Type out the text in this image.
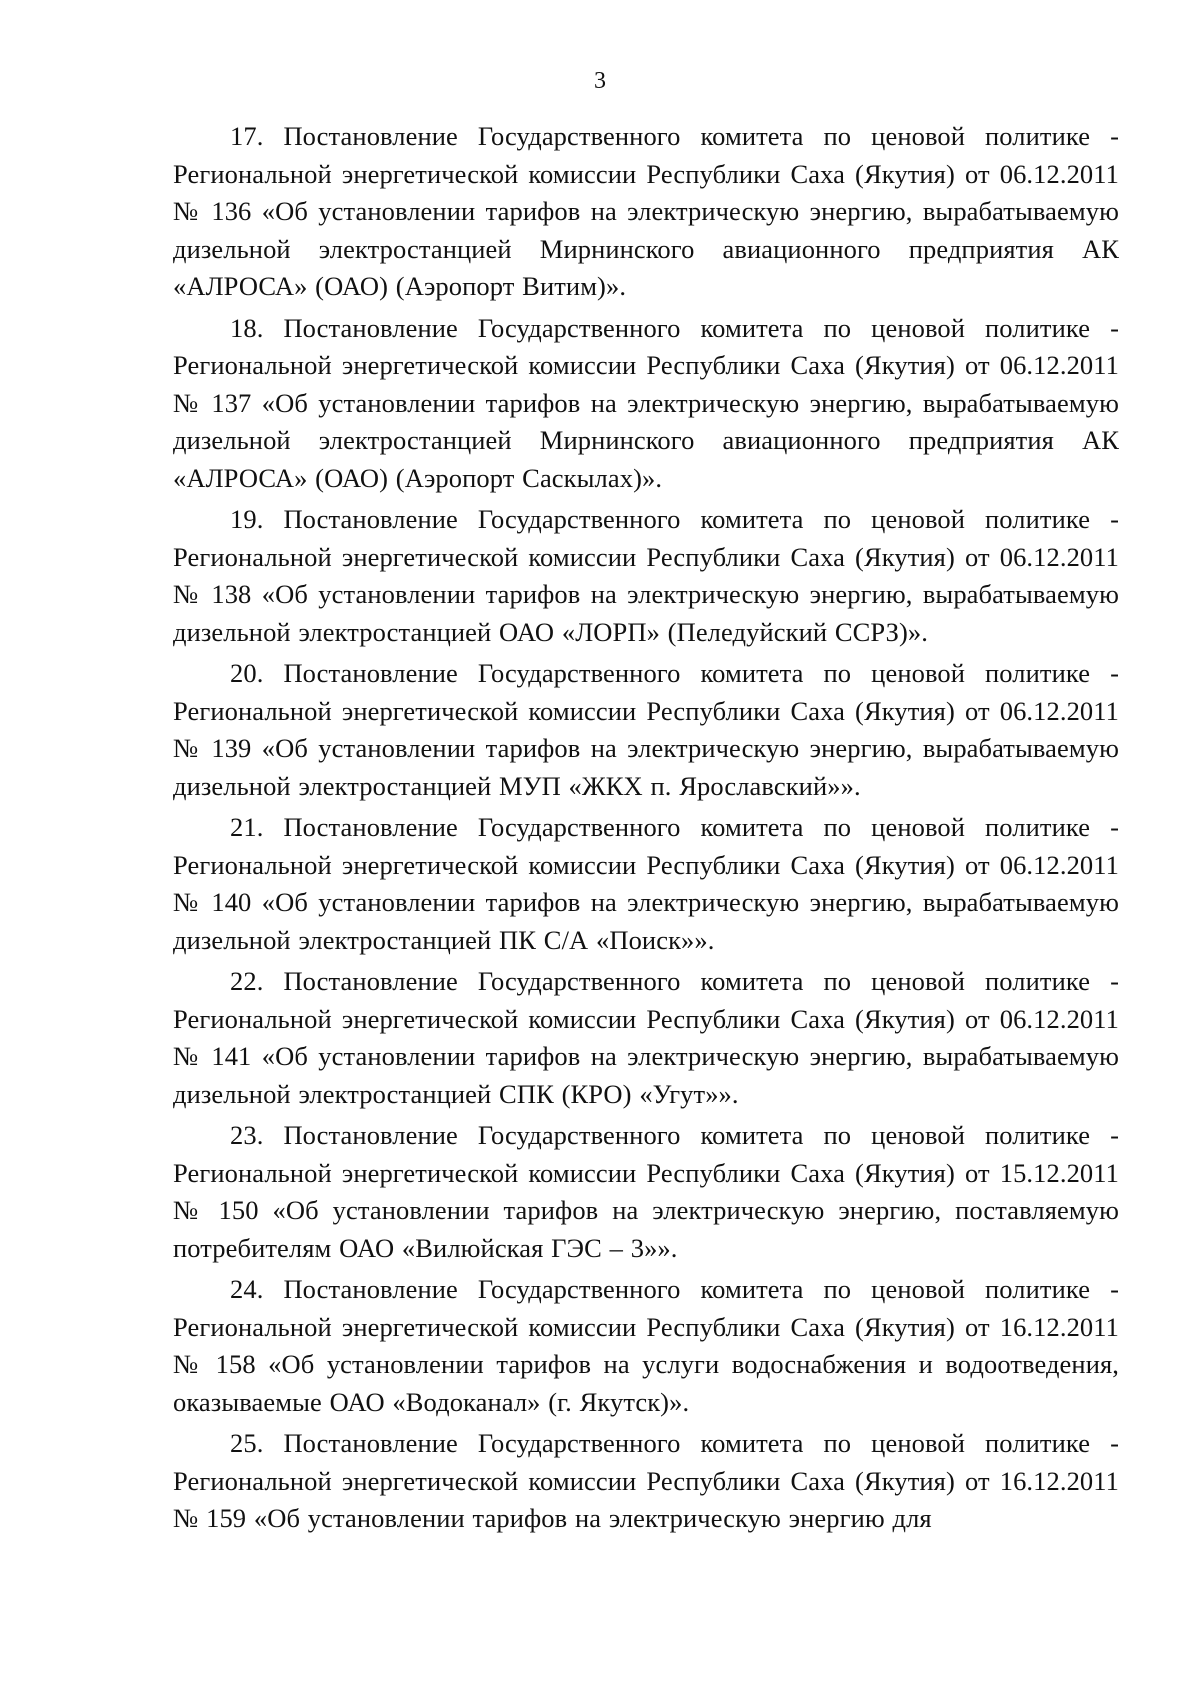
3

17. Постановление Государственного комитета по ценовой политике - Региональной энергетической комиссии Республики Саха (Якутия) от 06.12.2011 № 136 «Об установлении тарифов на электрическую энергию, вырабатываемую дизельной электростанцией Мирнинского авиационного предприятия АК «АЛРОСА» (ОАО) (Аэропорт Витим)».

18. Постановление Государственного комитета по ценовой политике - Региональной энергетической комиссии Республики Саха (Якутия) от 06.12.2011 № 137 «Об установлении тарифов на электрическую энергию, вырабатываемую дизельной электростанцией Мирнинского авиационного предприятия АК «АЛРОСА» (ОАО) (Аэропорт Саскылах)».

19. Постановление Государственного комитета по ценовой политике - Региональной энергетической комиссии Республики Саха (Якутия) от 06.12.2011 № 138 «Об установлении тарифов на электрическую энергию, вырабатываемую дизельной электростанцией ОАО «ЛОРП» (Пеледуйский ССРЗ)».

20. Постановление Государственного комитета по ценовой политике - Региональной энергетической комиссии Республики Саха (Якутия) от 06.12.2011 № 139 «Об установлении тарифов на электрическую энергию, вырабатываемую дизельной электростанцией МУП «ЖКХ п. Ярославский»».

21. Постановление Государственного комитета по ценовой политике - Региональной энергетической комиссии Республики Саха (Якутия) от 06.12.2011 № 140 «Об установлении тарифов на электрическую энергию, вырабатываемую дизельной электростанцией ПК С/А «Поиск»».

22. Постановление Государственного комитета по ценовой политике - Региональной энергетической комиссии Республики Саха (Якутия) от 06.12.2011 № 141 «Об установлении тарифов на электрическую энергию, вырабатываемую дизельной электростанцией СПК (КРО) «Угут»».

23. Постановление Государственного комитета по ценовой политике - Региональной энергетической комиссии Республики Саха (Якутия) от 15.12.2011 № 150 «Об установлении тарифов на электрическую энергию, поставляемую потребителям ОАО «Вилюйская ГЭС – 3»».

24. Постановление Государственного комитета по ценовой политике - Региональной энергетической комиссии Республики Саха (Якутия) от 16.12.2011 № 158 «Об установлении тарифов на услуги водоснабжения и водоотведения, оказываемые ОАО «Водоканал» (г. Якутск)».

25. Постановление Государственного комитета по ценовой политике - Региональной энергетической комиссии Республики Саха (Якутия) от 16.12.2011 № 159 «Об установлении тарифов на электрическую энергию для
